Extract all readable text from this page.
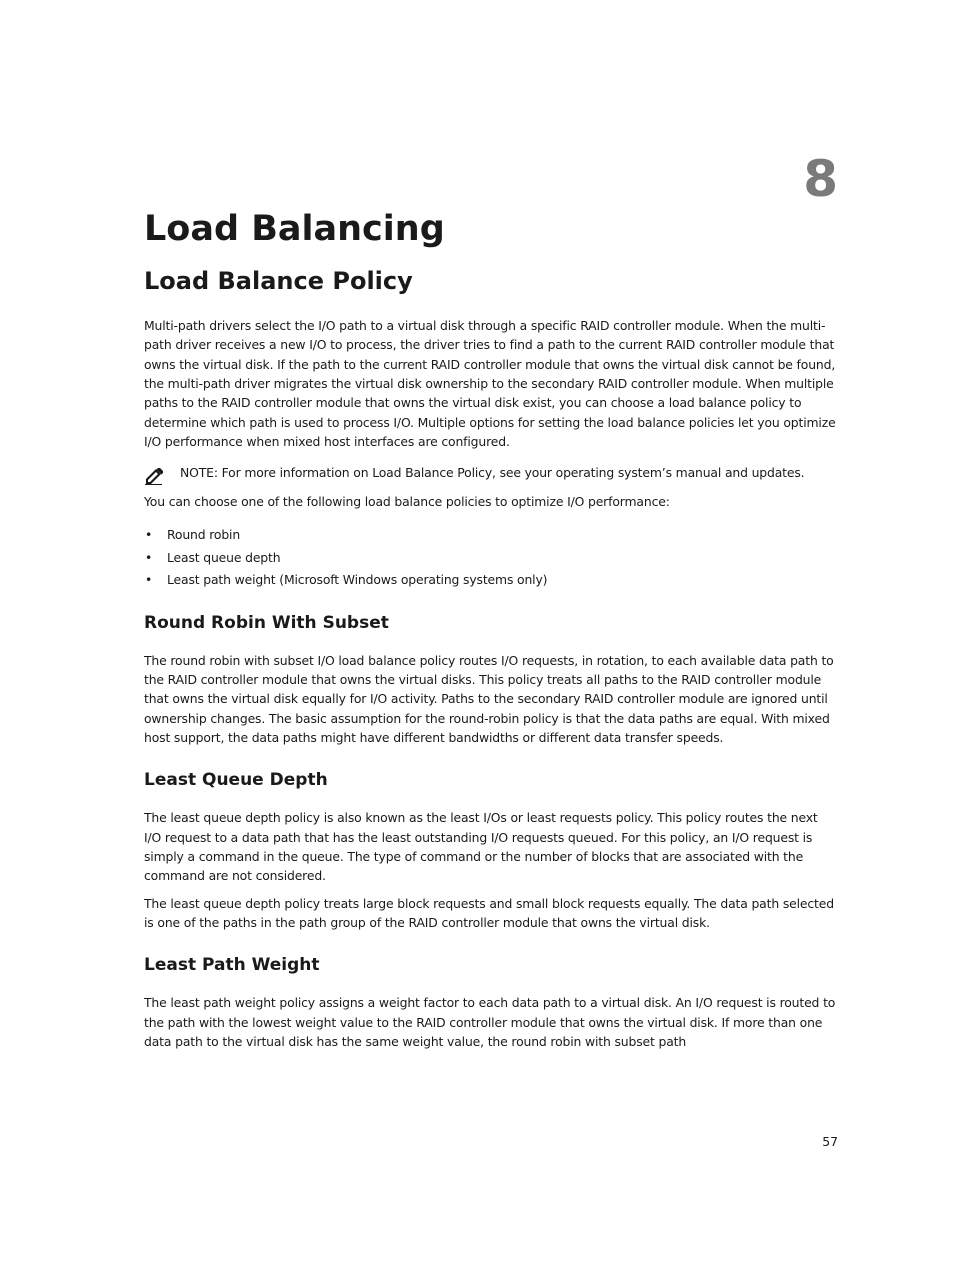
8
Load Balancing
Load Balance Policy

Multi-path drivers select the I/O path to a virtual disk through a specific RAID controller module. When the multi-path driver receives a new I/O to process, the driver tries to find a path to the current RAID controller module that owns the virtual disk. If the path to the current RAID controller module that owns the virtual disk cannot be found, the multi-path driver migrates the virtual disk ownership to the secondary RAID controller module. When multiple paths to the RAID controller module that owns the virtual disk exist, you can choose a load balance policy to determine which path is used to process I/O. Multiple options for setting the load balance policies let you optimize I/O performance when mixed host interfaces are configured.

NOTE: For more information on Load Balance Policy, see your operating system’s manual and updates.

You can choose one of the following load balance policies to optimize I/O performance:

• Round robin
• Least queue depth
• Least path weight (Microsoft Windows operating systems only)
Round Robin With Subset

The round robin with subset I/O load balance policy routes I/O requests, in rotation, to each available data path to the RAID controller module that owns the virtual disks. This policy treats all paths to the RAID controller module that owns the virtual disk equally for I/O activity. Paths to the secondary RAID controller module are ignored until ownership changes. The basic assumption for the round-robin policy is that the data paths are equal. With mixed host support, the data paths might have different bandwidths or different data transfer speeds.

Least Queue Depth

The least queue depth policy is also known as the least I/Os or least requests policy. This policy routes the next I/O request to a data path that has the least outstanding I/O requests queued. For this policy, an I/O request is simply a command in the queue. The type of command or the number of blocks that are associated with the command are not considered.

The least queue depth policy treats large block requests and small block requests equally. The data path selected is one of the paths in the path group of the RAID controller module that owns the virtual disk.

Least Path Weight

The least path weight policy assigns a weight factor to each data path to a virtual disk. An I/O request is routed to the path with the lowest weight value to the RAID controller module that owns the virtual disk. If more than one data path to the virtual disk has the same weight value, the round robin with subset path

57
